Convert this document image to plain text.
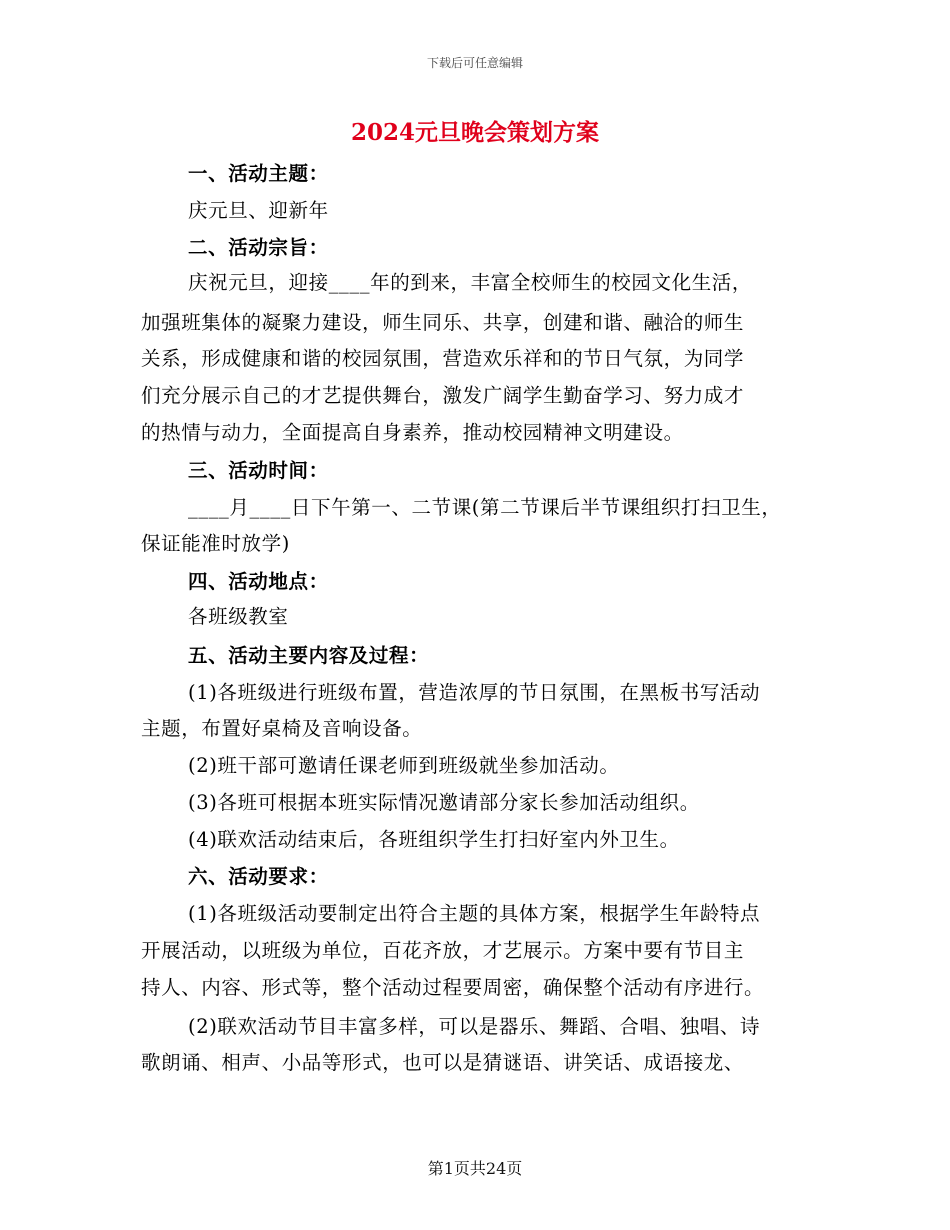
下载后可任意编辑
2024元旦晚会策划方案
一、活动主题：
庆元旦、迎新年
二、活动宗旨：
庆祝元旦，迎接____年的到来，丰富全校师生的校园文化生活，
加强班集体的凝聚力建设，师生同乐、共享，创建和谐、融洽的师生
关系，形成健康和谐的校园氛围，营造欢乐祥和的节日气氛，为同学
们充分展示自己的才艺提供舞台，激发广阔学生勤奋学习、努力成才
的热情与动力，全面提高自身素养，推动校园精神文明建设。
三、活动时间：
____月____日下午第一、二节课(第二节课后半节课组织打扫卫生，
保证能准时放学)
四、活动地点：
各班级教室
五、活动主要内容及过程：
(1)各班级进行班级布置，营造浓厚的节日氛围，在黑板书写活动
主题，布置好桌椅及音响设备。
(2)班干部可邀请任课老师到班级就坐参加活动。
(3)各班可根据本班实际情况邀请部分家长参加活动组织。
(4)联欢活动结束后，各班组织学生打扫好室内外卫生。
六、活动要求：
(1)各班级活动要制定出符合主题的具体方案，根据学生年龄特点
开展活动，以班级为单位，百花齐放，才艺展示。方案中要有节目主
持人、内容、形式等，整个活动过程要周密，确保整个活动有序进行。
(2)联欢活动节目丰富多样，可以是器乐、舞蹈、合唱、独唱、诗
歌朗诵、相声、小品等形式，也可以是猜谜语、讲笑话、成语接龙、
第1页共24页
